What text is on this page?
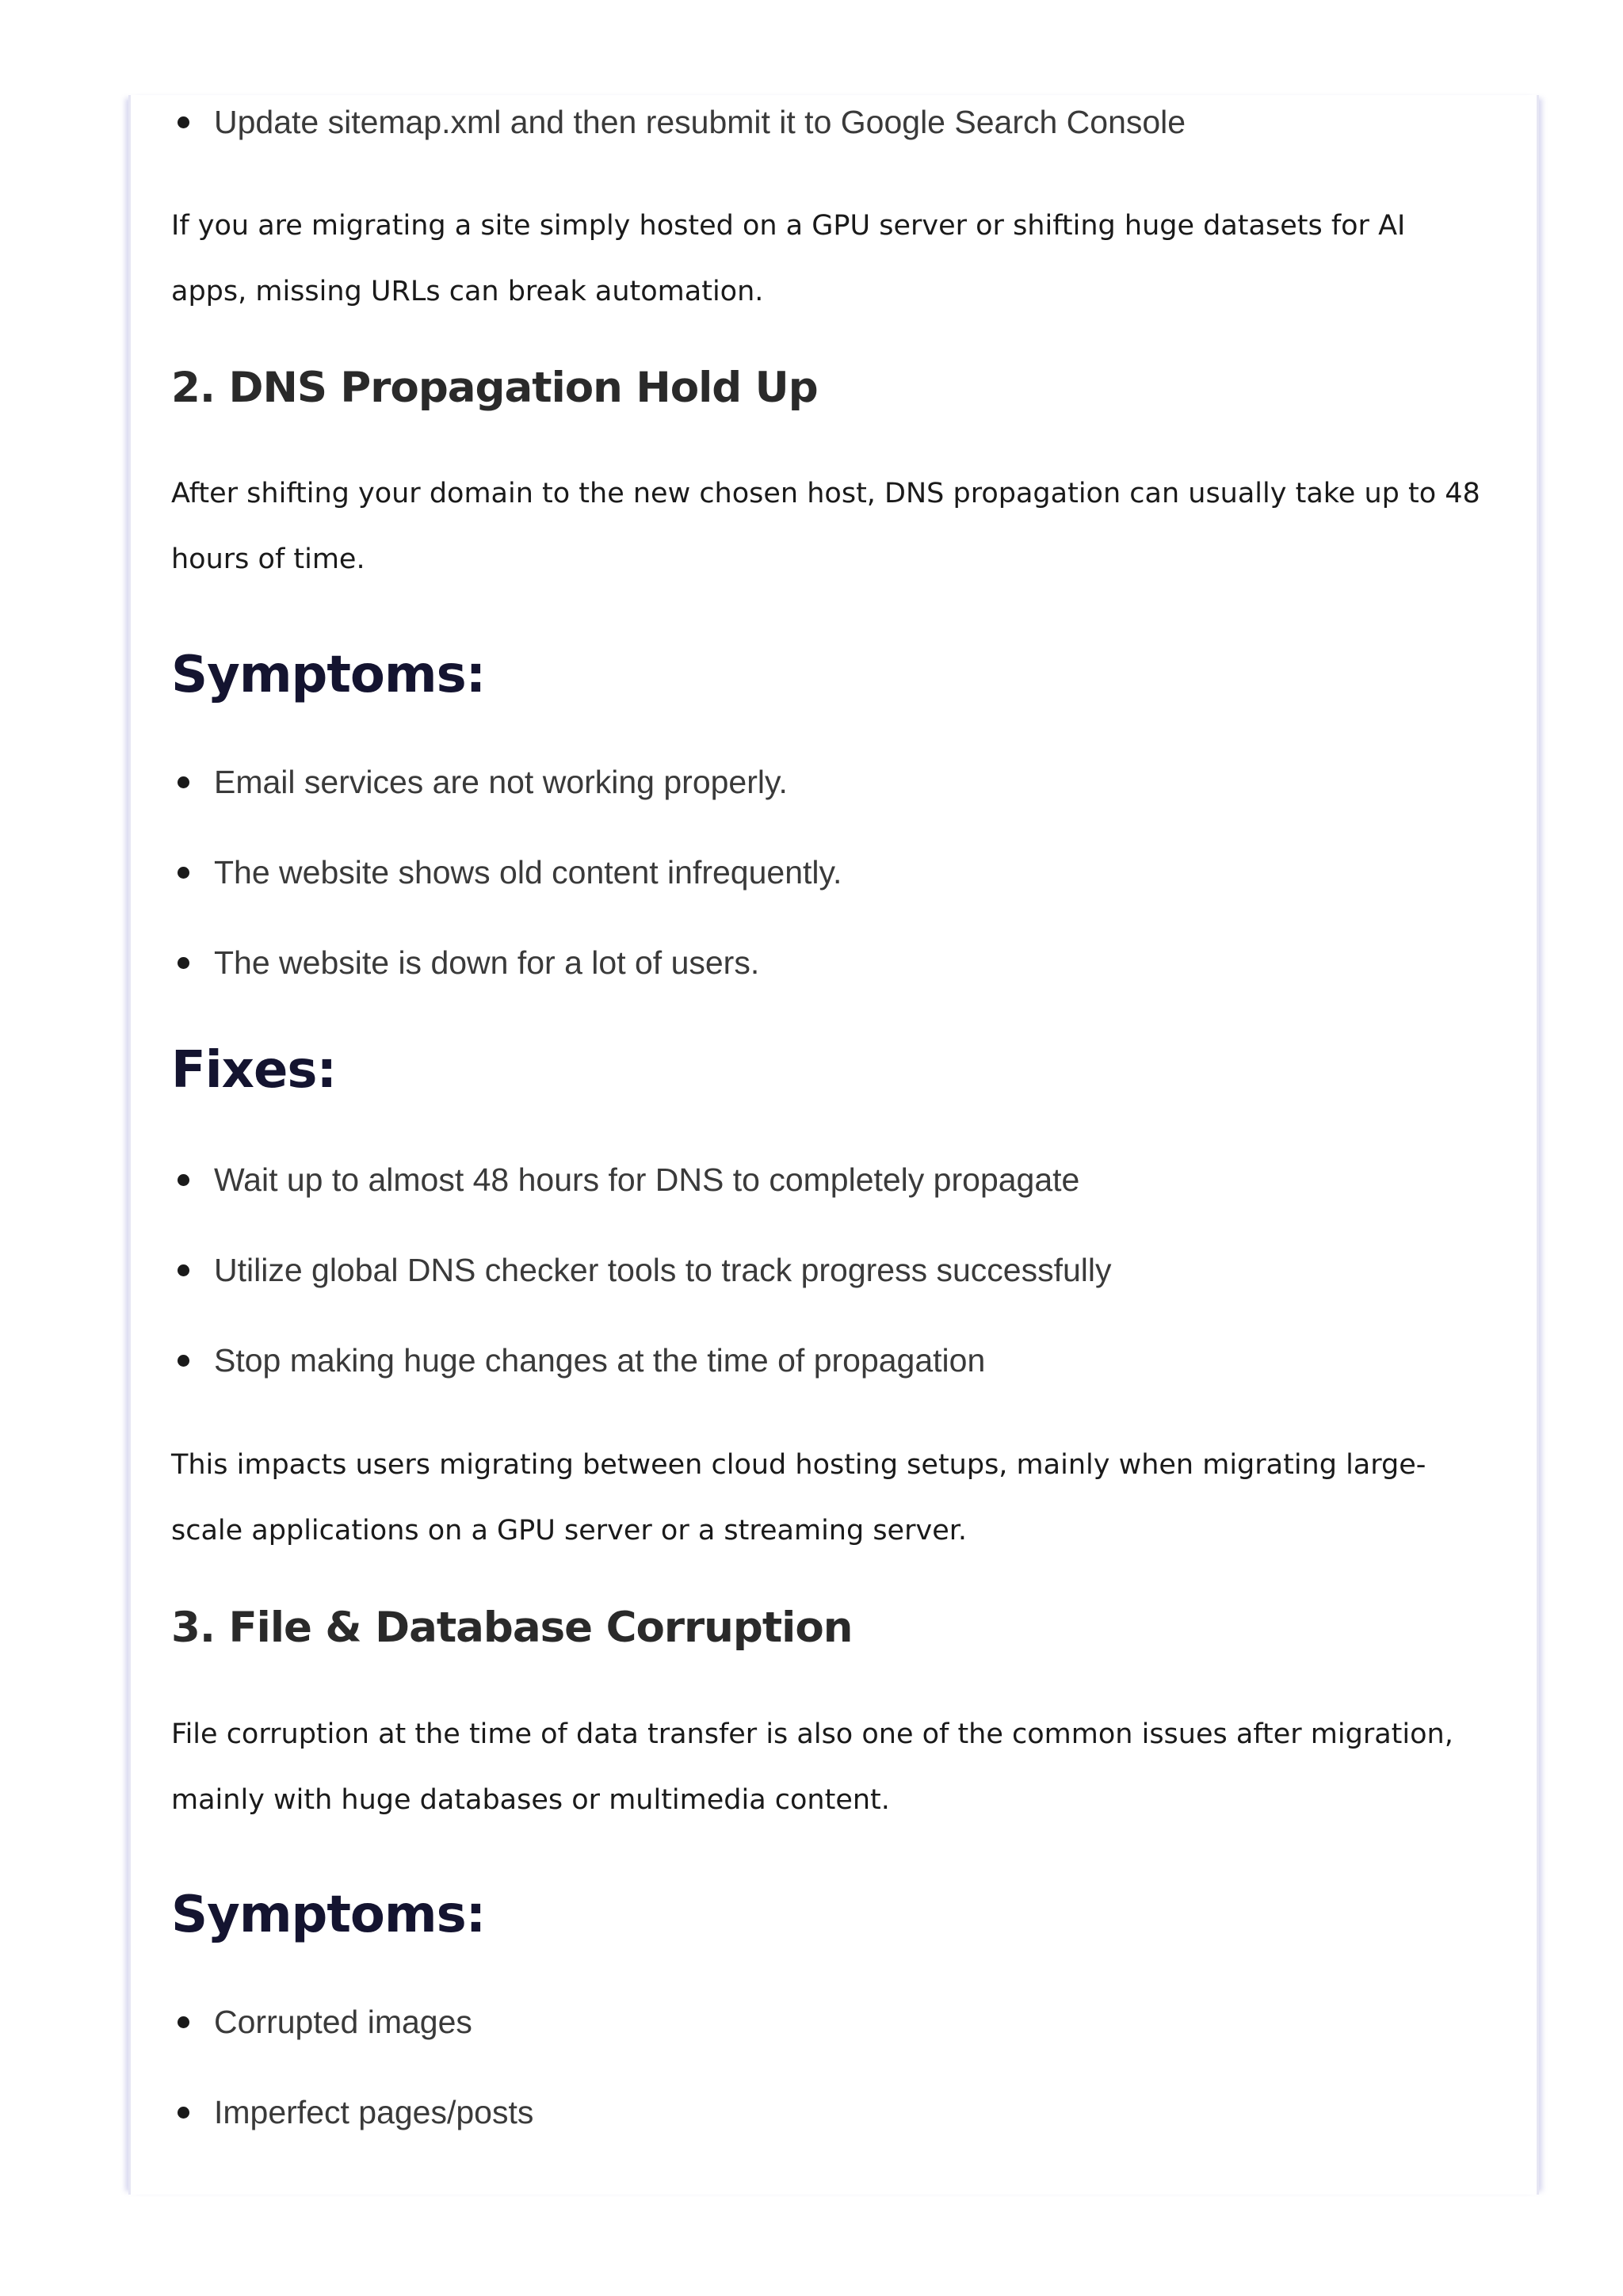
Update sitemap.xml and then resubmit it to Google Search Console

If you are migrating a site simply hosted on a GPU server or shifting huge datasets for AI apps, missing URLs can break automation.

2. DNS Propagation Hold Up

After shifting your domain to the new chosen host, DNS propagation can usually take up to 48 hours of time.

Symptoms:
Email services are not working properly.
The website shows old content infrequently.
The website is down for a lot of users.
Fixes:
Wait up to almost 48 hours for DNS to completely propagate
Utilize global DNS checker tools to track progress successfully
Stop making huge changes at the time of propagation

This impacts users migrating between cloud hosting setups, mainly when migrating large-scale applications on a GPU server or a streaming server.

3. File & Database Corruption

File corruption at the time of data transfer is also one of the common issues after migration, mainly with huge databases or multimedia content.

Symptoms:
Corrupted images
Imperfect pages/posts
